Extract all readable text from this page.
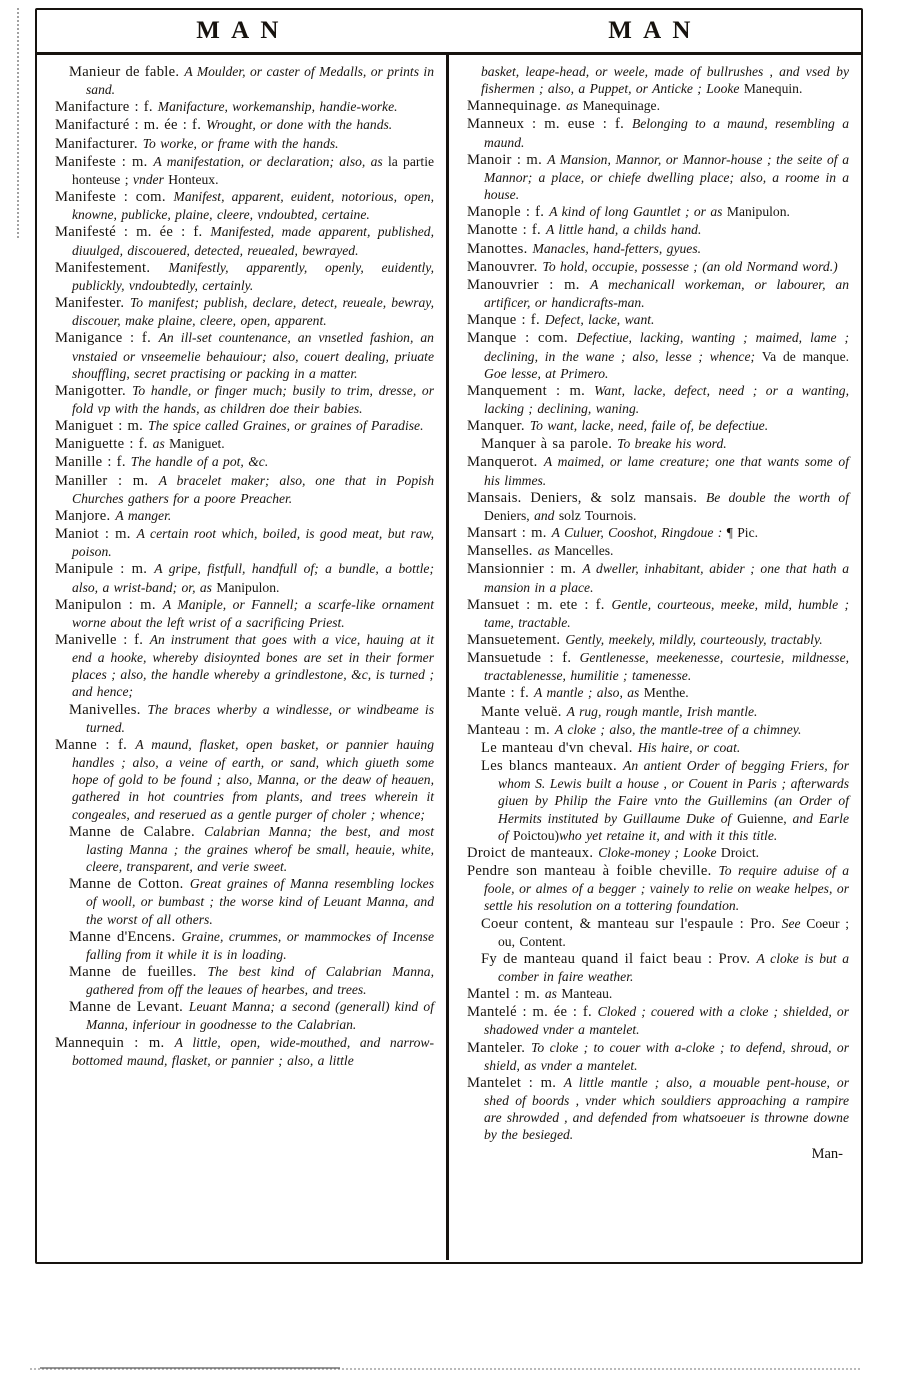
MAN	MAN

Manieur de fable. A Moulder, or caster of Medalls, or prints in sand.

Manifacture : f. Manifacture, workemanship, handie-worke.

Manifacturé : m. ée : f. Wrought, or done with the hands.

Manifacturer. To worke, or frame with the hands.

Manifeste : m. A manifestation, or declaration; also, as la partie honteuse ; vnder Honteux.

Manifeste : com. Manifest, apparent, euident, notorious, open, knowne, publicke, plaine, cleere, vndoubted, certaine.

Manifesté : m. ée : f. Manifested, made apparent, published, diuulged, discouered, detected, reuealed, bewrayed.

Manifestement. Manifestly, apparently, openly, euidently, publickly, vndoubtedly, certainly.

Manifester. To manifest; publish, declare, detect, reueale, bewray, discouer, make plaine, cleere, open, apparent.

Manigance : f. An ill-set countenance, an vnsetled fashion, an vnstaied or vnseemelie behauiour; also, couert dealing, priuate shouffling, secret practising or packing in a matter.

Manigotter. To handle, or finger much; busily to trim, dresse, or fold vp with the hands, as children doe their babies.

Maniguet : m. The spice called Graines, or graines of Paradise.

Maniguette : f. as Maniguet.

Manille : f. The handle of a pot, &c.

Maniller : m. A bracelet maker; also, one that in Popish Churches gathers for a poore Preacher.

Manjore. A manger.

Maniot : m. A certain root which, boiled, is good meat, but raw, poison.

Manipule : m. A gripe, fistfull, handfull of; a bundle, a bottle; also, a wrist-band; or, as Manipulon.

Manipulon : m. A Maniple, or Fannell; a scarfe-like ornament worne about the left wrist of a sacrificing Priest.

Manivelle : f. An instrument that goes with a vice, hauing at it end a hooke, whereby disioynted bones are set in their former places ; also, the handle whereby a grindlestone, &c, is turned ; and hence;

Manivelles. The braces wherby a windlesse, or windbeame is turned.

Manne : f. A maund, flasket, open basket, or pannier hauing handles ; also, a veine of earth, or sand, which giueth some hope of gold to be found ; also, Manna, or the deaw of heauen, gathered in hot countries from plants, and trees wherein it congeales, and reserued as a gentle purger of choler ; whence;

Manne de Calabre. Calabrian Manna; the best, and most lasting Manna ; the graines wherof be small, heauie, white, cleere, transparent, and verie sweet.

Manne de Cotton. Great graines of Manna resembling lockes of wooll, or bumbast ; the worse kind of Leuant Manna, and the worst of all others.

Manne d'Encens. Graine, crummes, or mammockes of Incense falling from it while it is in loading.

Manne de fueilles. The best kind of Calabrian Manna, gathered from off the leaues of hearbes, and trees.

Manne de Levant. Leuant Manna; a second (generall) kind of Manna, inferiour in goodnesse to the Calabrian.

Mannequin : m. A little, open, wide-mouthed, and narrow-bottomed maund, flasket, or pannier ; also, a little

basket, leape-head, or weele, made of bullrushes , and vsed by fishermen ; also, a Puppet, or Anticke ; Looke Manequin.

Mannequinage. as Manequinage.

Manneux : m. euse : f. Belonging to a maund, resembling a maund.

Manoir : m. A Mansion, Mannor, or Mannor-house ; the seite of a Mannor; a place, or chiefe dwelling place; also, a roome in a house.

Manople : f. A kind of long Gauntlet ; or as Manipulon.

Manotte : f. A little hand, a childs hand.

Manottes. Manacles, hand-fetters, gyues.

Manouvrer. To hold, occupie, possesse ; (an old Normand word.)

Manouvrier : m. A mechanicall workeman, or labourer, an artificer, or handicrafts-man.

Manque : f. Defect, lacke, want.

Manque : com. Defectiue, lacking, wanting ; maimed, lame ; declining, in the wane ; also, lesse ; whence; Va de manque. Goe lesse, at Primero.

Manquement : m. Want, lacke, defect, need ; or a wanting, lacking ; declining, waning.

Manquer. To want, lacke, need, faile of, be defectiue.

Manquer à sa parole. To breake his word.

Manquerot. A maimed, or lame creature; one that wants some of his limmes.

Mansais. Deniers, & solz mansais. Be double the worth of Deniers, and solz Tournois.

Mansart : m. A Culuer, Cooshot, Ringdoue : ¶ Pic.

Manselles. as Mancelles.

Mansionnier : m. A dweller, inhabitant, abider ; one that hath a mansion in a place.

Mansuet : m. ete : f. Gentle, courteous, meeke, mild, humble ; tame, tractable.

Mansuetement. Gently, meekely, mildly, courteously, tractably.

Mansuetude : f. Gentlenesse, meekenesse, courtesie, mildnesse, tractablenesse, humilitie ; tamenesse.

Mante : f. A mantle ; also, as Menthe.

Mante veluë. A rug, rough mantle, Irish mantle.

Manteau : m. A cloke ; also, the mantle-tree of a chimney.

Le manteau d'vn cheval. His haire, or coat.

Les blancs manteaux. An antient Order of begging Friers, for whom S. Lewis built a house , or Couent in Paris ; afterwards giuen by Philip the Faire vnto the Guillemins (an Order of Hermits instituted by Guillaume Duke of Guienne, and Earle of Poictou)who yet retaine it, and with it this title.

Droict de manteaux. Cloke-money ; Looke Droict.

Pendre son manteau à foible cheville. To require aduise of a foole, or almes of a begger ; vainely to relie on weake helpes, or settle his resolution on a tottering foundation.

Coeur content, & manteau sur l'espaule : Pro. See Coeur ; ou, Content.

Fy de manteau quand il faict beau : Prov. A cloke is but a comber in faire weather.

Mantel : m. as Manteau.

Mantelé : m. ée : f. Cloked ; couered with a cloke ; shielded, or shadowed vnder a mantelet.

Manteler. To cloke ; to couer with a-cloke ; to defend, shroud, or shield, as vnder a mantelet.

Mantelet : m. A little mantle ; also, a mouable pent-house, or shed of boords , vnder which souldiers approaching a rampire are shrowded , and defended from whatsoeuer is throwne downe by the besieged.

Man-
